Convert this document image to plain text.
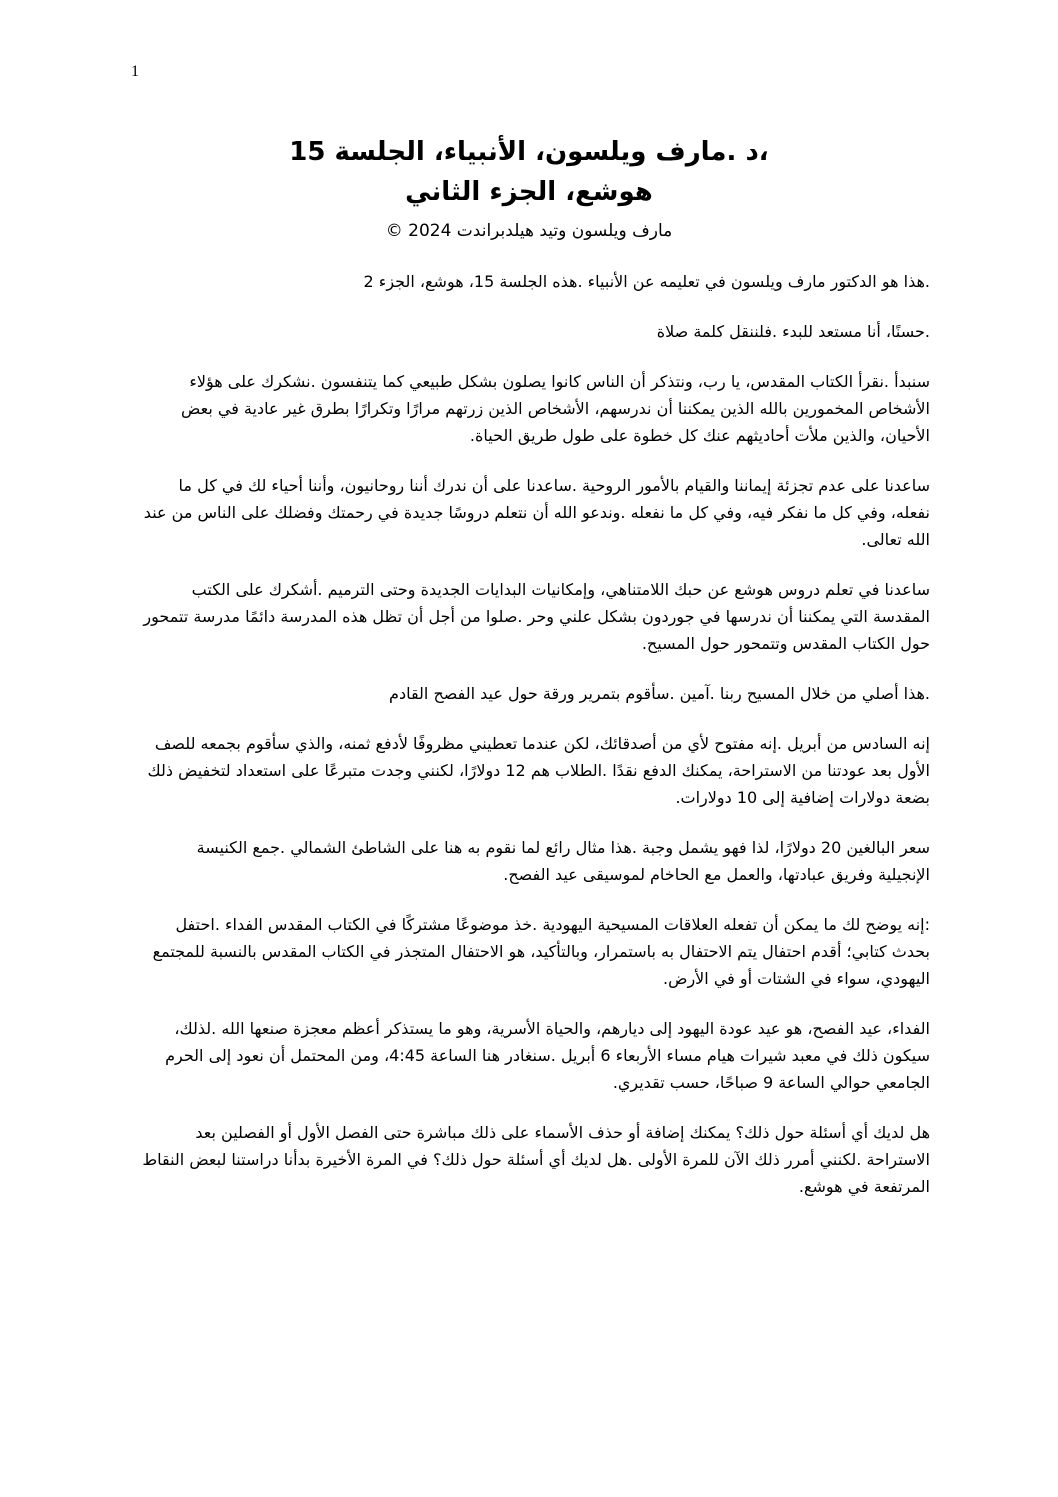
1

،د .مارف ويلسون، الأنبياء، الجلسة 15

هوشع، الجزء الثاني

مارف ويلسون وتيد هيلدبراندت 2024 ©

.هذا هو الدكتور مارف ويلسون في تعليمه عن الأنبياء .هذه الجلسة 15، هوشع، الجزء 2

.حسنًا، أنا مستعد للبدء .فلننقل كلمة صلاة

سنبدأ .نقرأ الكتاب المقدس، يا رب، ونتذكر أن الناس كانوا يصلون بشكل طبيعي كما يتنفسون .نشكرك على هؤلاء الأشخاص المخمورين بالله الذين يمكننا أن ندرسهم، الأشخاص الذين زرتهم مرارًا وتكرارًا بطرق غير عادية في بعض الأحيان، والذين ملأت أحاديثهم عنك كل خطوة على طول طريق الحياة.

ساعدنا على عدم تجزئة إيماننا والقيام بالأمور الروحية .ساعدنا على أن ندرك أننا روحانيون، وأننا أحياء لك في كل ما نفعله، وفي كل ما نفكر فيه، وفي كل ما نفعله .وندعو الله أن نتعلم دروسًا جديدة في رحمتك وفضلك على الناس من عند الله تعالى.

ساعدنا في تعلم دروس هوشع عن حبك اللامتناهي، وإمكانيات البدايات الجديدة وحتى الترميم .أشكرك على الكتب المقدسة التي يمكننا أن ندرسها في جوردون بشكل علني وحر .صلوا من أجل أن تظل هذه المدرسة دائمًا مدرسة تتمحور حول الكتاب المقدس وتتمحور حول المسيح.

.هذا أصلي من خلال المسيح ربنا .آمين .سأقوم بتمرير ورقة حول عيد الفصح القادم

إنه السادس من أبريل .إنه مفتوح لأي من أصدقائك، لكن عندما تعطيني مظروفًا لأدفع ثمنه، والذي سأقوم بجمعه للصف الأول بعد عودتنا من الاستراحة، يمكنك الدفع نقدًا .الطلاب هم 12 دولارًا، لكنني وجدت متبرعًا على استعداد لتخفيض ذلك بضعة دولارات إضافية إلى 10 دولارات.

سعر البالغين 20 دولارًا، لذا فهو يشمل وجبة .هذا مثال رائع لما نقوم به هنا على الشاطئ الشمالي .جمع الكنيسة الإنجيلية وفريق عبادتها، والعمل مع الحاخام لموسيقى عيد الفصح.

:إنه يوضح لك ما يمكن أن تفعله العلاقات المسيحية اليهودية .خذ موضوعًا مشتركًا في الكتاب المقدس الفداء .احتفل بحدث كتابي؛ أقدم احتفال يتم الاحتفال به باستمرار، وبالتأكيد، هو الاحتفال المتجذر في الكتاب المقدس بالنسبة للمجتمع اليهودي، سواء في الشتات أو في الأرض.

الفداء، عيد الفصح، هو عيد عودة اليهود إلى ديارهم، والحياة الأسرية، وهو ما يستذكر أعظم معجزة صنعها الله .لذلك، سيكون ذلك في معبد شيرات هيام مساء الأربعاء 6 أبريل .سنغادر هنا الساعة 4:45، ومن المحتمل أن نعود إلى الحرم الجامعي حوالي الساعة 9 صباحًا، حسب تقديري.

هل لديك أي أسئلة حول ذلك؟ يمكنك إضافة أو حذف الأسماء على ذلك مباشرة حتى الفصل الأول أو الفصلين بعد الاستراحة .لكنني أمرر ذلك الآن للمرة الأولى .هل لديك أي أسئلة حول ذلك؟ في المرة الأخيرة بدأنا دراستنا لبعض النقاط المرتفعة في هوشع.
